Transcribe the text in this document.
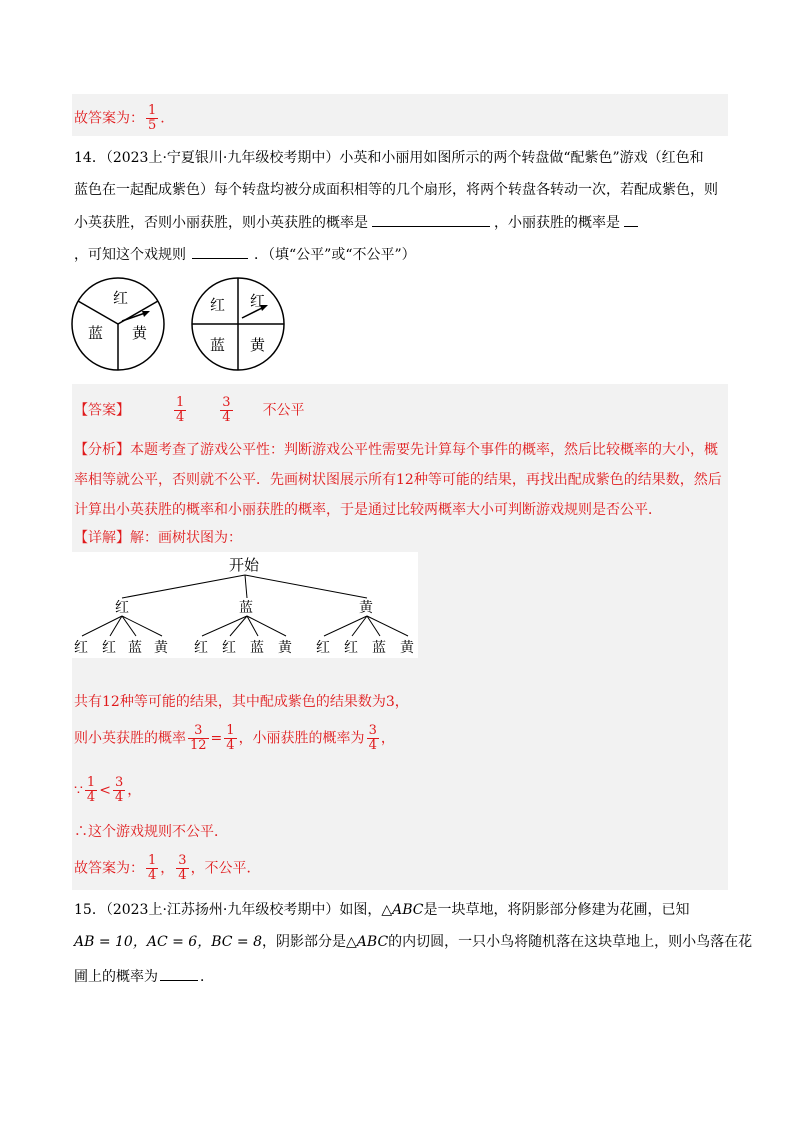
故答案为： $\frac{1}{5}$ .
14．（2023上·宁夏银川·九年级校考期中）小英和小丽用如图所示的两个转盘做“配紫色”游戏（红色和
蓝色在一起配成紫色）每个转盘均被分成面积相等的几个扇形，将两个转盘各转动一次，若配成紫色，则
小英获胜，否则小丽获胜，则小英获胜的概率是	，小丽获胜的概率是
，可知这个戏规则	．（填“公平”或“不公平”）
红
蓝 黄
红 红
蓝 黄
【答案】	$\frac{1}{4}$	$\frac{3}{4}$ 不公平
【分析】本题考查了游戏公平性：判断游戏公平性需要先计算每个事件的概率，然后比较概率的大小，概
率相等就公平，否则就不公平．先画树状图展示所有12种等可能的结果，再找出配成紫色的结果数，然后
计算出小英获胜的概率和小丽获胜的概率，于是通过比较两概率大小可判断游戏规则是否公平．
【详解】解：画树状图为：
开始
红	蓝	黄
红 红 蓝 黄 红 红 蓝 黄 红 红 蓝 黄
共有12种等可能的结果，其中配成紫色的结果数为3，
则小英获胜的概率 $\frac{3}{12} = \frac{1}{4}$ ，小丽获胜的概率为 $\frac{3}{4}$ ，
∵ $\frac{1}{4} < \frac{3}{4}$ ，
∴这个游戏规则不公平．
故答案为： $\frac{1}{4}$ ， $\frac{3}{4}$ ，不公平．
15．（2023上·江苏扬州·九年级校考期中）如图，△ABC是一块草地，将阴影部分修建为花圃，已知
AB = 10，AC = 6，BC = 8，阴影部分是△ABC的内切圆，一只小鸟将随机落在这块草地上，则小鸟落在花
圃上的概率为	．
